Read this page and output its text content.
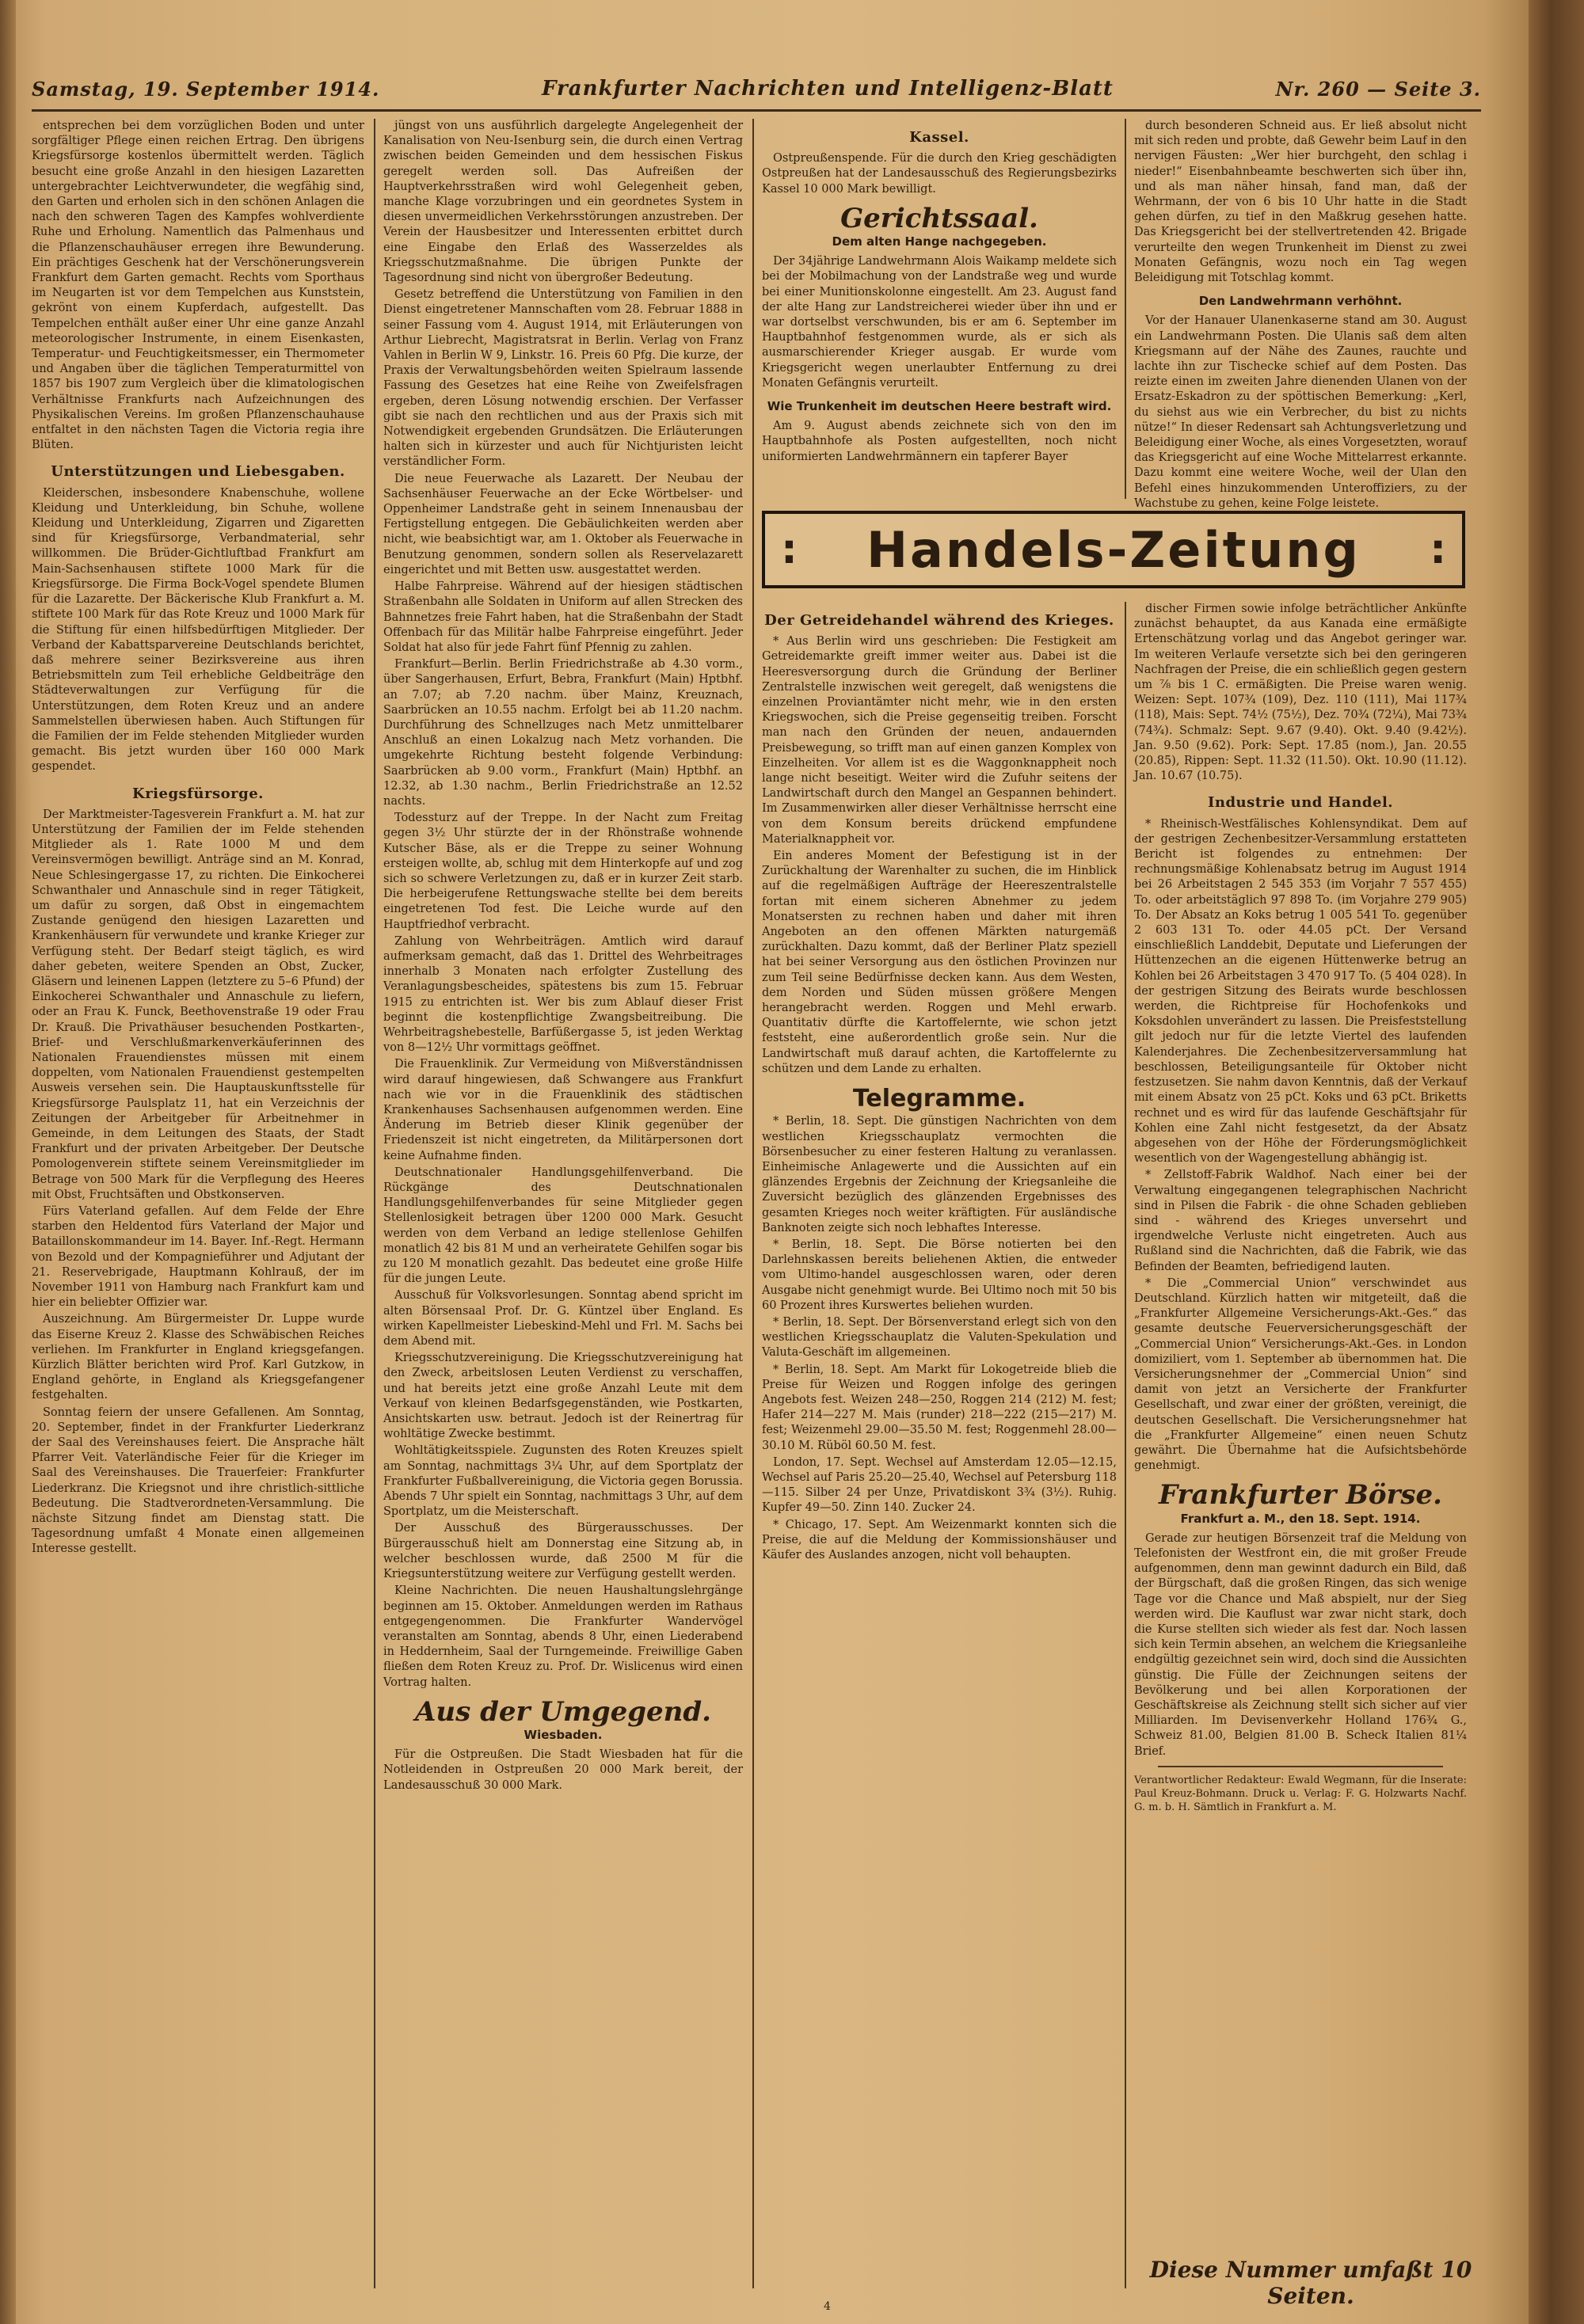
Samstag, 19. September 1914.	Frankfurter Nachrichten und Intelligenz-Blatt	Nr. 260 — Seite 3.

entsprechen bei dem vorzüglichen Boden und unter sorgfältiger Pflege einen reichen Ertrag. Den übrigens Kriegsfürsorge kostenlos übermittelt werden. Täglich besucht eine große Anzahl in den hiesigen Lazaretten untergebrachter Leichtverwundeter, die wegfähig sind, den Garten und erholen sich in den schönen Anlagen die nach den schweren Tagen des Kampfes wohlverdiente Ruhe und Erholung. Namentlich das Palmenhaus und die Pflanzenschauhäuser erregen ihre Bewunderung. Ein prächtiges Geschenk hat der Verschönerungsverein Frankfurt dem Garten gemacht. Rechts vom Sporthaus im Neugarten ist vor dem Tempelchen aus Kunststein, gekrönt von einem Kupferdach, aufgestellt. Das Tempelchen enthält außer einer Uhr eine ganze Anzahl meteorologischer Instrumente, in einem Eisenkasten, Temperatur- und Feuchtigkeitsmesser, ein Thermometer und Angaben über die täglichen Temperaturmittel von 1857 bis 1907 zum Vergleich über die klimatologischen Verhältnisse Frankfurts nach Aufzeichnungen des Physikalischen Vereins. Im großen Pflanzenschauhause entfaltet in den nächsten Tagen die Victoria regia ihre Blüten.

Unterstützungen und Liebesgaben.

Kleiderschen, insbesondere Knabenschuhe, wollene Kleidung und Unterkleidung, bin Schuhe, wollene Kleidung und Unterkleidung, Zigarren und Zigaretten sind für Kriegsfürsorge, Verbandmaterial, sehr willkommen. Die Brüder-Gichtluftbad Frankfurt am Main-Sachsenhausen stiftete 1000 Mark für die Kriegsfürsorge. Die Firma Bock-Vogel spendete Blumen für die Lazarette. Der Bäckerische Klub Frankfurt a. M. stiftete 100 Mark für das Rote Kreuz und 1000 Mark für die Stiftung für einen hilfsbedürftigen Mitglieder. Der Verband der Kabattsparvereine Deutschlands berichtet, daß mehrere seiner Bezirksvereine aus ihren Betriebsmitteln zum Teil erhebliche Geldbeiträge den Städteverwaltungen zur Verfügung für die Unterstützungen, dem Roten Kreuz und an andere Sammelstellen überwiesen haben. Auch Stiftungen für die Familien der im Felde stehenden Mitglieder wurden gemacht. Bis jetzt wurden über 160 000 Mark gespendet.

Kriegsfürsorge.

Der Marktmeister-Tagesverein Frankfurt a. M. hat zur Unterstützung der Familien der im Felde stehenden Mitglieder als 1. Rate 1000 M und dem Vereinsvermögen bewilligt. Anträge sind an M. Konrad, Neue Schlesingergasse 17, zu richten. Die Einkocherei Schwanthaler und Annaschule sind in reger Tätigkeit, um dafür zu sorgen, daß Obst in eingemachtem Zustande genügend den hiesigen Lazaretten und Krankenhäusern für verwundete und kranke Krieger zur Verfügung steht. Der Bedarf steigt täglich, es wird daher gebeten, weitere Spenden an Obst, Zucker, Gläsern und leinenen Lappen (letztere zu 5–6 Pfund) der Einkocherei Schwanthaler und Annaschule zu liefern, oder an Frau K. Funck, Beethovenstraße 19 oder Frau Dr. Krauß. Die Privathäuser besuchenden Postkarten-, Brief- und Verschlußmarkenverkäuferinnen des Nationalen Frauendienstes müssen mit einem doppelten, vom Nationalen Frauendienst gestempelten Ausweis versehen sein. Die Hauptauskunftsstelle für Kriegsfürsorge Paulsplatz 11, hat ein Verzeichnis der Zeitungen der Arbeitgeber für Arbeitnehmer in Gemeinde, in dem Leitungen des Staats, der Stadt Frankfurt und der privaten Arbeitgeber. Der Deutsche Pomologenverein stiftete seinem Vereinsmitglieder im Betrage von 500 Mark für die Verpflegung des Heeres mit Obst, Fruchtsäften und Obstkonserven.

Fürs Vaterland gefallen. Auf dem Felde der Ehre starben den Heldentod fürs Vaterland der Major und Bataillonskommandeur im 14. Bayer. Inf.-Regt. Hermann von Bezold und der Kompagnieführer und Adjutant der 21. Reservebrigade, Hauptmann Kohlrauß, der im November 1911 von Hamburg nach Frankfurt kam und hier ein beliebter Offizier war.

Auszeichnung. Am Bürgermeister Dr. Luppe wurde das Eiserne Kreuz 2. Klasse des Schwäbischen Reiches verliehen. Im Frankfurter in England kriegsgefangen. Kürzlich Blätter berichten wird Prof. Karl Gutzkow, in England gehörte, in England als Kriegsgefangener festgehalten.

Sonntag feiern der unsere Gefallenen. Am Sonntag, 20. September, findet in der Frankfurter Liederkranz der Saal des Vereinshauses feiert. Die Ansprache hält Pfarrer Veit. Vaterländische Feier für die Krieger im Saal des Vereinshauses. Die Trauerfeier: Frankfurter Liederkranz. Die Kriegsnot und ihre christlich-sittliche Bedeutung. Die Stadtverordneten-Versammlung. Die nächste Sitzung findet am Dienstag statt. Die Tagesordnung umfaßt 4 Monate einen allgemeinen Interesse gestellt.

jüngst von uns ausführlich dargelegte Angelegenheit der Kanalisation von Neu-Isenburg sein, die durch einen Vertrag zwischen beiden Gemeinden und dem hessischen Fiskus geregelt werden soll. Das Aufreißen der Hauptverkehrsstraßen wird wohl Gelegenheit geben, manche Klage vorzubringen und ein geordnetes System in diesen unvermeidlichen Verkehrsstörungen anzustreben. Der Verein der Hausbesitzer und Interessenten erbittet durch eine Eingabe den Erlaß des Wasserzeldes als Kriegsschutzmaßnahme. Die übrigen Punkte der Tagesordnung sind nicht von übergroßer Bedeutung.

Gesetz betreffend die Unterstützung von Familien in den Dienst eingetretener Mannschaften vom 28. Februar 1888 in seiner Fassung vom 4. August 1914, mit Erläuterungen von Arthur Liebrecht, Magistratsrat in Berlin. Verlag von Franz Vahlen in Berlin W 9, Linkstr. 16. Preis 60 Pfg. Die kurze, der Praxis der Verwaltungsbehörden weiten Spielraum lassende Fassung des Gesetzes hat eine Reihe von Zweifelsfragen ergeben, deren Lösung notwendig erschien. Der Verfasser gibt sie nach den rechtlichen und aus der Praxis sich mit Notwendigkeit ergebenden Grundsätzen. Die Erläuterungen halten sich in kürzester und auch für Nichtjuristen leicht verständlicher Form.

Die neue Feuerwache als Lazarett. Der Neubau der Sachsenhäuser Feuerwache an der Ecke Wörtbelser- und Oppenheimer Landstraße geht in seinem Innenausbau der Fertigstellung entgegen. Die Gebäulichkeiten werden aber nicht, wie beabsichtigt war, am 1. Oktober als Feuerwache in Benutzung genommen, sondern sollen als Reservelazarett eingerichtet und mit Betten usw. ausgestattet werden.

Halbe Fahrpreise. Während auf der hiesigen städtischen Straßenbahn alle Soldaten in Uniform auf allen Strecken des Bahnnetzes freie Fahrt haben, hat die Straßenbahn der Stadt Offenbach für das Militär halbe Fahrpreise eingeführt. Jeder Soldat hat also für jede Fahrt fünf Pfennig zu zahlen.

Frankfurt—Berlin. Berlin Friedrichstraße ab 4.30 vorm., über Sangerhausen, Erfurt, Bebra, Frankfurt (Main) Hptbhf. an 7.07; ab 7.20 nachm. über Mainz, Kreuznach, Saarbrücken an 10.55 nachm. Erfolgt bei ab 11.20 nachm. Durchführung des Schnellzuges nach Metz unmittelbarer Anschluß an einen Lokalzug nach Metz vorhanden. Die umgekehrte Richtung besteht folgende Verbindung: Saarbrücken ab 9.00 vorm., Frankfurt (Main) Hptbhf. an 12.32, ab 1.30 nachm., Berlin Friedrichstraße an 12.52 nachts.

Todessturz auf der Treppe. In der Nacht zum Freitag gegen 3½ Uhr stürzte der in der Rhönstraße wohnende Kutscher Bäse, als er die Treppe zu seiner Wohnung ersteigen wollte, ab, schlug mit dem Hinterkopfe auf und zog sich so schwere Verletzungen zu, daß er in kurzer Zeit starb. Die herbeigerufene Rettungswache stellte bei dem bereits eingetretenen Tod fest. Die Leiche wurde auf den Hauptfriedhof verbracht.

Zahlung von Wehrbeiträgen. Amtlich wird darauf aufmerksam gemacht, daß das 1. Drittel des Wehrbeitrages innerhalb 3 Monaten nach erfolgter Zustellung des Veranlagungsbescheides, spätestens bis zum 15. Februar 1915 zu entrichten ist. Wer bis zum Ablauf dieser Frist beginnt die kostenpflichtige Zwangsbeitreibung. Die Wehrbeitragshebestelle, Barfüßergasse 5, ist jeden Werktag von 8—12½ Uhr vormittags geöffnet.

Die Frauenklinik. Zur Vermeidung von Mißverständnissen wird darauf hingewiesen, daß Schwangere aus Frankfurt nach wie vor in die Frauenklinik des städtischen Krankenhauses Sachsenhausen aufgenommen werden. Eine Änderung im Betrieb dieser Klinik gegenüber der Friedenszeit ist nicht eingetreten, da Militärpersonen dort keine Aufnahme finden.

Deutschnationaler Handlungsgehilfenverband. Die Rückgänge des Deutschnationalen Handlungsgehilfenverbandes für seine Mitglieder gegen Stellenlosigkeit betragen über 1200 000 Mark. Gesucht werden von dem Verband an ledige stellenlose Gehilfen monatlich 42 bis 81 M und an verheiratete Gehilfen sogar bis zu 120 M monatlich gezahlt. Das bedeutet eine große Hilfe für die jungen Leute.

Ausschuß für Volksvorlesungen. Sonntag abend spricht im alten Börsensaal Prof. Dr. G. Küntzel über England. Es wirken Kapellmeister Liebeskind-Mehl und Frl. M. Sachs bei dem Abend mit.

Kriegsschutzvereinigung. Die Kriegsschutzvereinigung hat den Zweck, arbeitslosen Leuten Verdienst zu verschaffen, und hat bereits jetzt eine große Anzahl Leute mit dem Verkauf von kleinen Bedarfsgegenständen, wie Postkarten, Ansichtskarten usw. betraut. Jedoch ist der Reinertrag für wohltätige Zwecke bestimmt.

Wohltätigkeitsspiele. Zugunsten des Roten Kreuzes spielt am Sonntag, nachmittags 3¼ Uhr, auf dem Sportplatz der Frankfurter Fußballvereinigung, die Victoria gegen Borussia. Abends 7 Uhr spielt ein Sonntag, nachmittags 3 Uhr, auf dem Sportplatz, um die Meisterschaft.

Der Ausschuß des Bürgerausschusses. Der Bürgerausschuß hielt am Donnerstag eine Sitzung ab, in welcher beschlossen wurde, daß 2500 M für die Kriegsunterstützung weitere zur Verfügung gestellt werden.

Kleine Nachrichten. Die neuen Haushaltungslehrgänge beginnen am 15. Oktober. Anmeldungen werden im Rathaus entgegengenommen. Die Frankfurter Wandervögel veranstalten am Sonntag, abends 8 Uhr, einen Liederabend in Heddernheim, Saal der Turngemeinde. Freiwillige Gaben fließen dem Roten Kreuz zu. Prof. Dr. Wislicenus wird einen Vortrag halten.

Aus der Umgegend.
Wiesbaden.

Für die Ostpreußen. Die Stadt Wiesbaden hat für die Notleidenden in Ostpreußen 20 000 Mark bereit, der Landesausschuß 30 000 Mark.

Kassel.

Ostpreußenspende. Für die durch den Krieg geschädigten Ostpreußen hat der Landesausschuß des Regierungsbezirks Kassel 10 000 Mark bewilligt.

Gerichtssaal.
Dem alten Hange nachgegeben.

Der 34jährige Landwehrmann Alois Waikamp meldete sich bei der Mobilmachung von der Landstraße weg und wurde bei einer Munitionskolonne eingestellt. Am 23. August fand der alte Hang zur Landstreicherei wieder über ihn und er war dortselbst verschwunden, bis er am 6. September im Hauptbahnhof festgenommen wurde, als er sich als ausmarschierender Krieger ausgab. Er wurde vom Kriegsgericht wegen unerlaubter Entfernung zu drei Monaten Gefängnis verurteilt.

Wie Trunkenheit im deutschen Heere bestraft wird.

Am 9. August abends zeichnete sich von den im Hauptbahnhofe als Posten aufgestellten, noch nicht uniformierten Landwehrmännern ein tapferer Bayer

durch besonderen Schneid aus. Er ließ absolut nicht mit sich reden und probte, daß Gewehr beim Lauf in den nervigen Fäusten: „Wer hier burchgeht, den schlag i nieder!“ Eisenbahnbeamte beschwerten sich über ihn, und als man näher hinsah, fand man, daß der Wehrmann, der von 6 bis 10 Uhr hatte in die Stadt gehen dürfen, zu tief in den Maßkrug gesehen hatte. Das Kriegsgericht bei der stellvertretenden 42. Brigade verurteilte den wegen Trunkenheit im Dienst zu zwei Monaten Gefängnis, wozu noch ein Tag wegen Beleidigung mit Totschlag kommt.

Den Landwehrmann verhöhnt.

Vor der Hanauer Ulanenkaserne stand am 30. August ein Landwehrmann Posten. Die Ulanis saß dem alten Kriegsmann auf der Nähe des Zaunes, rauchte und lachte ihn zur Tischecke schief auf dem Posten. Das reizte einen im zweiten Jahre dienenden Ulanen von der Ersatz-Eskadron zu der spöttischen Bemerkung: „Kerl, du siehst aus wie ein Verbrecher, du bist zu nichts nütze!“ In dieser Redensart sah Achtungsverletzung und Beleidigung einer Woche, als eines Vorgesetzten, worauf das Kriegsgericht auf eine Woche Mittelarrest erkannte. Dazu kommt eine weitere Woche, weil der Ulan den Befehl eines hinzukommenden Unteroffiziers, zu der Wachstube zu gehen, keine Folge leistete.

: Handels-Zeitung :
Der Getreidehandel während des Krieges.

* Aus Berlin wird uns geschrieben: Die Festigkeit am Getreidemarkte greift immer weiter aus. Dabei ist die Heeresversorgung durch die Gründung der Berliner Zentralstelle inzwischen weit geregelt, daß wenigstens die einzelnen Proviantämter nicht mehr, wie in den ersten Kriegswochen, sich die Preise gegenseitig treiben. Forscht man nach den Gründen der neuen, andauernden Preisbewegung, so trifft man auf einen ganzen Komplex von Einzelheiten. Vor allem ist es die Waggonknappheit noch lange nicht beseitigt. Weiter wird die Zufuhr seitens der Landwirtschaft durch den Mangel an Gespannen behindert. Im Zusammenwirken aller dieser Verhältnisse herrscht eine von dem Konsum bereits drückend empfundene Materialknappheit vor.

Ein anderes Moment der Befestigung ist in der Zurückhaltung der Warenhalter zu suchen, die im Hinblick auf die regelmäßigen Aufträge der Heereszentralstelle fortan mit einem sicheren Abnehmer zu jedem Monatsersten zu rechnen haben und daher mit ihren Angeboten an den offenen Märkten naturgemäß zurückhalten. Dazu kommt, daß der Berliner Platz speziell hat bei seiner Versorgung aus den östlichen Provinzen nur zum Teil seine Bedürfnisse decken kann. Aus dem Westen, dem Norden und Süden müssen größere Mengen herangebracht werden. Roggen und Mehl erwarb. Quantitativ dürfte die Kartoffelernte, wie schon jetzt feststeht, eine außerordentlich große sein. Nur die Landwirtschaft muß darauf achten, die Kartoffelernte zu schützen und dem Lande zu erhalten.

Telegramme.

* Berlin, 18. Sept. Die günstigen Nachrichten von dem westlichen Kriegsschauplatz vermochten die Börsenbesucher zu einer festeren Haltung zu veranlassen. Einheimische Anlagewerte und die Aussichten auf ein glänzendes Ergebnis der Zeichnung der Kriegsanleihe die Zuversicht bezüglich des glänzenden Ergebnisses des gesamten Krieges noch weiter kräftigten. Für ausländische Banknoten zeigte sich noch lebhaftes Interesse.

* Berlin, 18. Sept. Die Börse notierten bei den Darlehnskassen bereits beliehenen Aktien, die entweder vom Ultimo-handel ausgeschlossen waren, oder deren Ausgabe nicht genehmigt wurde. Bei Ultimo noch mit 50 bis 60 Prozent ihres Kurswertes beliehen wurden.

* Berlin, 18. Sept. Der Börsenverstand erlegt sich von den westlichen Kriegsschauplatz die Valuten-Spekulation und Valuta-Geschäft im allgemeinen.

* Berlin, 18. Sept. Am Markt für Lokogetreide blieb die Preise für Weizen und Roggen infolge des geringen Angebots fest. Weizen 248—250, Roggen 214 (212) M. fest; Hafer 214—227 M. Mais (runder) 218—222 (215—217) M. fest; Weizenmehl 29.00—35.50 M. fest; Roggenmehl 28.00—30.10 M. Rüböl 60.50 M. fest.

London, 17. Sept. Wechsel auf Amsterdam 12.05—12.15, Wechsel auf Paris 25.20—25.40, Wechsel auf Petersburg 118—115. Silber 24 per Unze, Privatdiskont 3¾ (3½). Ruhig. Kupfer 49—50. Zinn 140. Zucker 24.

* Chicago, 17. Sept. Am Weizenmarkt konnten sich die Preise, die auf die Meldung der Kommissionshäuser und Käufer des Auslandes anzogen, nicht voll behaupten.

discher Firmen sowie infolge beträchtlicher Ankünfte zunächst behauptet, da aus Kanada eine ermäßigte Ertenschätzung vorlag und das Angebot geringer war. Im weiteren Verlaufe versetzte sich bei den geringeren Nachfragen der Preise, die ein schließlich gegen gestern um ⅞ bis 1 C. ermäßigten. Die Preise waren wenig. Weizen: Sept. 107¾ (109), Dez. 110 (111), Mai 117¾ (118), Mais: Sept. 74½ (75½), Dez. 70¾ (72¼), Mai 73¾ (74¾). Schmalz: Sept. 9.67 (9.40). Okt. 9.40 (9.42½). Jan. 9.50 (9.62). Pork: Sept. 17.85 (nom.), Jan. 20.55 (20.85), Rippen: Sept. 11.32 (11.50). Okt. 10.90 (11.12). Jan. 10.67 (10.75).

Industrie und Handel.

* Rheinisch-Westfälisches Kohlensyndikat. Dem auf der gestrigen Zechenbesitzer-Versammlung erstatteten Bericht ist folgendes zu entnehmen: Der rechnungsmäßige Kohlenabsatz betrug im August 1914 bei 26 Arbeitstagen 2 545 353 (im Vorjahr 7 557 455) To. oder arbeitstäglich 97 898 To. (im Vorjahre 279 905) To. Der Absatz an Koks betrug 1 005 541 To. gegenüber 2 603 131 To. oder 44.05 pCt. Der Versand einschließlich Landdebit, Deputate und Lieferungen der Hüttenzechen an die eigenen Hüttenwerke betrug an Kohlen bei 26 Arbeitstagen 3 470 917 To. (5 404 028). In der gestrigen Sitzung des Beirats wurde beschlossen werden, die Richtpreise für Hochofenkoks und Koksdohlen unverändert zu lassen. Die Preisfeststellung gilt jedoch nur für die letzte Viertel des laufenden Kalenderjahres. Die Zechenbesitzerversammlung hat beschlossen, Beteiligungsanteile für Oktober nicht festzusetzen. Sie nahm davon Kenntnis, daß der Verkauf mit einem Absatz von 25 pCt. Koks und 63 pCt. Briketts rechnet und es wird für das laufende Geschäftsjahr für Kohlen eine Zahl nicht festgesetzt, da der Absatz abgesehen von der Höhe der Förderungsmöglichkeit wesentlich von der Wagengestellung abhängig ist.

* Zellstoff-Fabrik Waldhof. Nach einer bei der Verwaltung eingegangenen telegraphischen Nachricht sind in Pilsen die Fabrik - die ohne Schaden geblieben sind - während des Krieges unversehrt und irgendwelche Verluste nicht eingetreten. Auch aus Rußland sind die Nachrichten, daß die Fabrik, wie das Befinden der Beamten, befriedigend lauten.

* Die „Commercial Union“ verschwindet aus Deutschland. Kürzlich hatten wir mitgeteilt, daß die „Frankfurter Allgemeine Versicherungs-Akt.-Ges.“ das gesamte deutsche Feuerversicherungsgeschäft der „Commercial Union“ Versicherungs-Akt.-Ges. in London domiziliert, vom 1. September ab übernommen hat. Die Versicherungsnehmer der „Commercial Union“ sind damit von jetzt an Versicherte der Frankfurter Gesellschaft, und zwar einer der größten, vereinigt, die deutschen Gesellschaft. Die Versicherungsnehmer hat die „Frankfurter Allgemeine“ einen neuen Schutz gewährt. Die Übernahme hat die Aufsichtsbehörde genehmigt.

Frankfurter Börse.
Frankfurt a. M., den 18. Sept. 1914.

Gerade zur heutigen Börsenzeit traf die Meldung von Telefonisten der Westfront ein, die mit großer Freude aufgenommen, denn man gewinnt dadurch ein Bild, daß der Bürgschaft, daß die großen Ringen, das sich wenige Tage vor die Chance und Maß abspielt, nur der Sieg werden wird. Die Kauflust war zwar nicht stark, doch die Kurse stellten sich wieder als fest dar. Noch lassen sich kein Termin absehen, an welchem die Kriegsanleihe endgültig gezeichnet sein wird, doch sind die Aussichten günstig. Die Fülle der Zeichnungen seitens der Bevölkerung und bei allen Korporationen der Geschäftskreise als Zeichnung stellt sich sicher auf vier Milliarden. Im Devisenverkehr Holland 176¾ G., Schweiz 81.00, Belgien 81.00 B. Scheck Italien 81¼ Brief.

Verantwortlicher Redakteur: Ewald Wegmann, für die Inserate: Paul Kreuz-Bohmann. Druck u. Verlag: F. G. Holzwarts Nachf. G. m. b. H. Sämtlich in Frankfurt a. M.
Diese Nummer umfaßt 10 Seiten.
4
